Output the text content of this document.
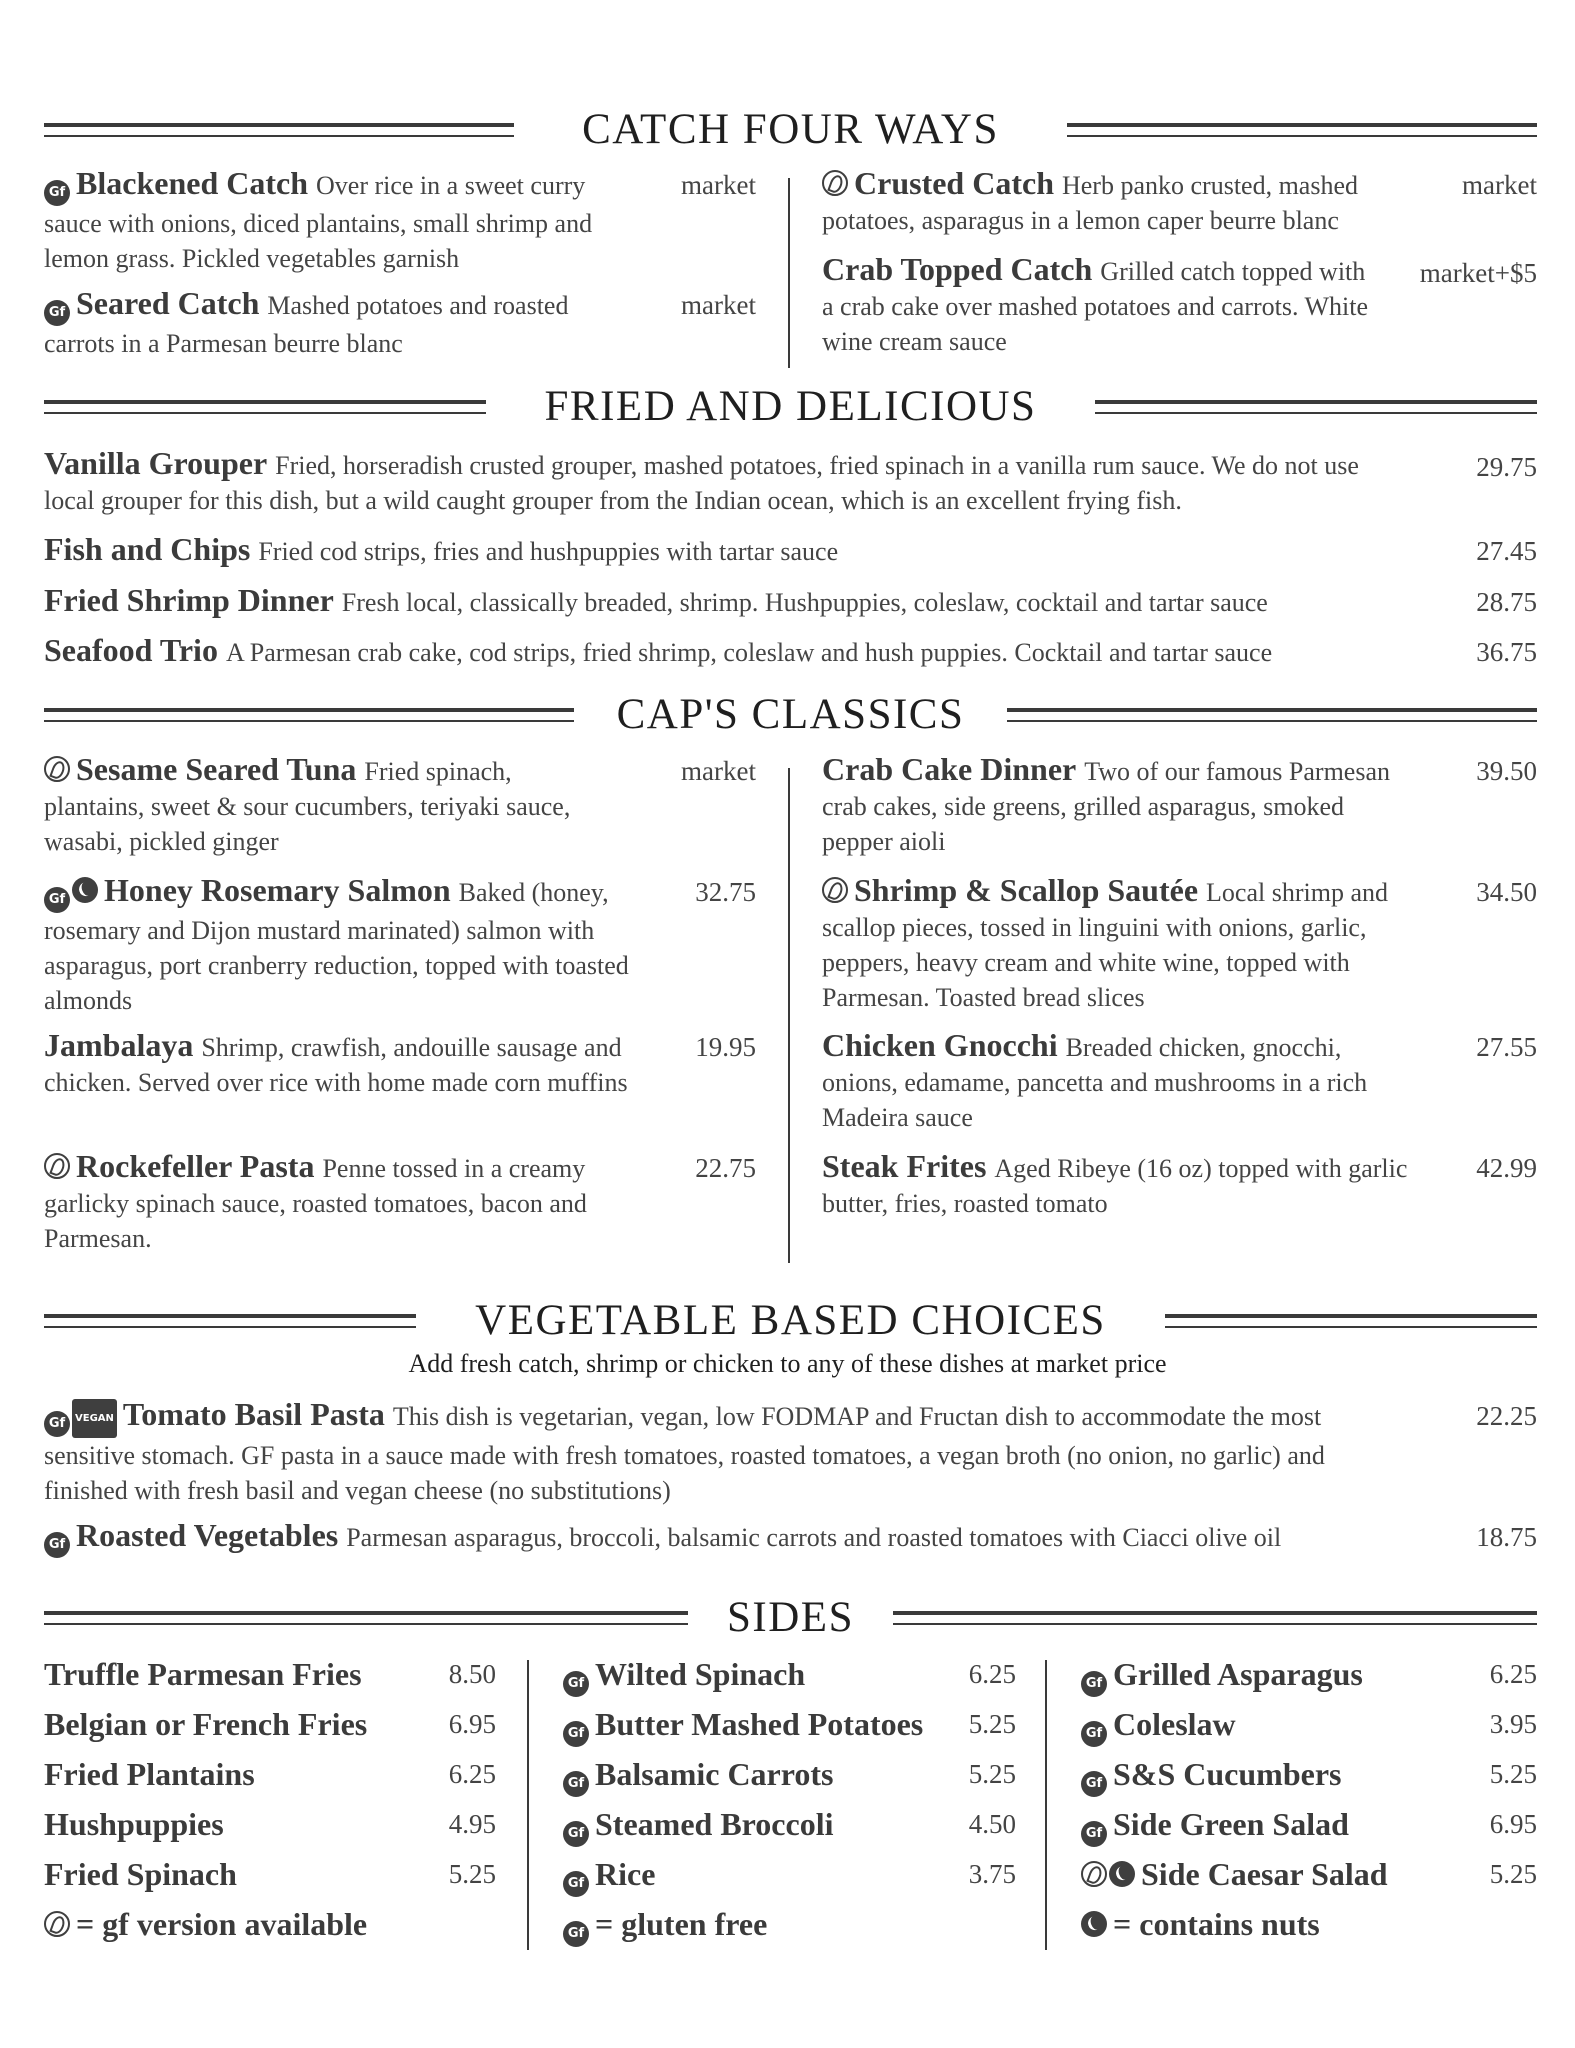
CATCH FOUR WAYS
Gf Blackened Catch Over rice in a sweet curry sauce with onions, diced plantains, small shrimp and lemon grass. Pickled vegetables garnish
market
Gf Seared Catch Mashed potatoes and roasted carrots in a Parmesan beurre blanc
market
Crusted Catch Herb panko crusted, mashed potatoes, asparagus in a lemon caper beurre blanc
market
Crab Topped Catch Grilled catch topped with a crab cake over mashed potatoes and carrots. White wine cream sauce
market+$5
FRIED AND DELICIOUS
Vanilla Grouper Fried, horseradish crusted grouper, mashed potatoes, fried spinach in a vanilla rum sauce. We do not use local grouper for this dish, but a wild caught grouper from the Indian ocean, which is an excellent frying fish.
29.75
Fish and Chips Fried cod strips, fries and hushpuppies with tartar sauce	27.45
Fried Shrimp Dinner Fresh local, classically breaded, shrimp. Hushpuppies, coleslaw, cocktail and tartar sauce	28.75
Seafood Trio A Parmesan crab cake, cod strips, fried shrimp, coleslaw and hush puppies. Cocktail and tartar sauce	36.75
CAP'S CLASSICS
Sesame Seared Tuna Fried spinach, plantains, sweet & sour cucumbers, teriyaki sauce, wasabi, pickled ginger
market
Gf Honey Rosemary Salmon Baked (honey, rosemary and Dijon mustard marinated) salmon with asparagus, port cranberry reduction, topped with toasted almonds
32.75
Jambalaya Shrimp, crawfish, andouille sausage and chicken. Served over rice with home made corn muffins
19.95
Rockefeller Pasta Penne tossed in a creamy garlicky spinach sauce, roasted tomatoes, bacon and Parmesan.
22.75
Crab Cake Dinner Two of our famous Parmesan crab cakes, side greens, grilled asparagus, smoked pepper aioli
39.50
Shrimp & Scallop Sautée Local shrimp and scallop pieces, tossed in linguini with onions, garlic, peppers, heavy cream and white wine, topped with Parmesan. Toasted bread slices
34.50
Chicken Gnocchi Breaded chicken, gnocchi, onions, edamame, pancetta and mushrooms in a rich Madeira sauce
27.55
Steak Frites Aged Ribeye (16 oz) topped with garlic butter, fries, roasted tomato
42.99
VEGETABLE BASED CHOICES
Add fresh catch, shrimp or chicken to any of these dishes at market price
Gf VEGAN Tomato Basil Pasta This dish is vegetarian, vegan, low FODMAP and Fructan dish to accommodate the most sensitive stomach. GF pasta in a sauce made with fresh tomatoes, roasted tomatoes, a vegan broth (no onion, no garlic) and finished with fresh basil and vegan cheese (no substitutions)
22.25
Gf Roasted Vegetables Parmesan asparagus, broccoli, balsamic carrots and roasted tomatoes with Ciacci olive oil	18.75
SIDES
Truffle Parmesan Fries	8.50
Belgian or French Fries	6.95
Fried Plantains	6.25
Hushpuppies	4.95
Fried Spinach	5.25
= gf version available
Gf Wilted Spinach	6.25
Gf Butter Mashed Potatoes 5.25
Gf Balsamic Carrots	5.25
Gf Steamed Broccoli	4.50
Gf Rice	3.75
Gf = gluten free
Gf Grilled Asparagus	6.25
Gf Coleslaw	3.95
Gf S&S Cucumbers	5.25
Gf Side Green Salad	6.95
Side Caesar Salad	5.25
= contains nuts
